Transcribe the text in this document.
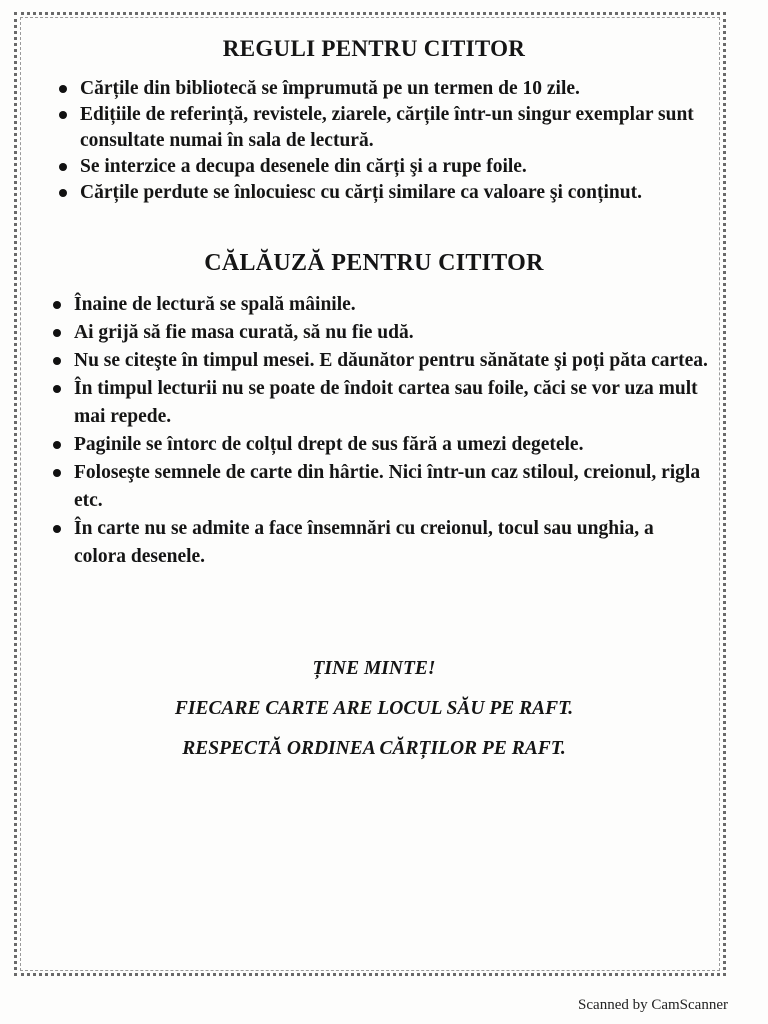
REGULI PENTRU CITITOR
Cărțile din bibliotecă se împrumută pe un termen de 10 zile.
Edițiile de referință, revistele, ziarele, cărțile într-un singur exemplar sunt consultate numai în sala de lectură.
Se interzice a decupa desenele din cărți şi a rupe foile.
Cărțile perdute se înlocuiesc cu cărți similare ca valoare şi conținut.
CĂLĂUZĂ PENTRU CITITOR
Înaine de lectură se spală mâinile.
Ai grijă să fie masa curată, să nu fie udă.
Nu se citeşte în timpul mesei. E dăunător pentru sănătate şi poți păta cartea.
În timpul lecturii nu se poate de îndoit cartea sau foile, căci se vor uza mult mai repede.
Paginile se întorc de colțul drept de sus fără a umezi degetele.
Foloseşte semnele de carte din hârtie. Nici într-un caz stiloul, creionul, rigla etc.
În carte nu se admite a face însemnări cu creionul, tocul sau unghia, a colora desenele.
ȚINE MINTE!
FIECARE CARTE ARE LOCUL SĂU PE RAFT.
RESPECTĂ ORDINEA CĂRȚILOR PE RAFT.
Scanned by CamScanner
